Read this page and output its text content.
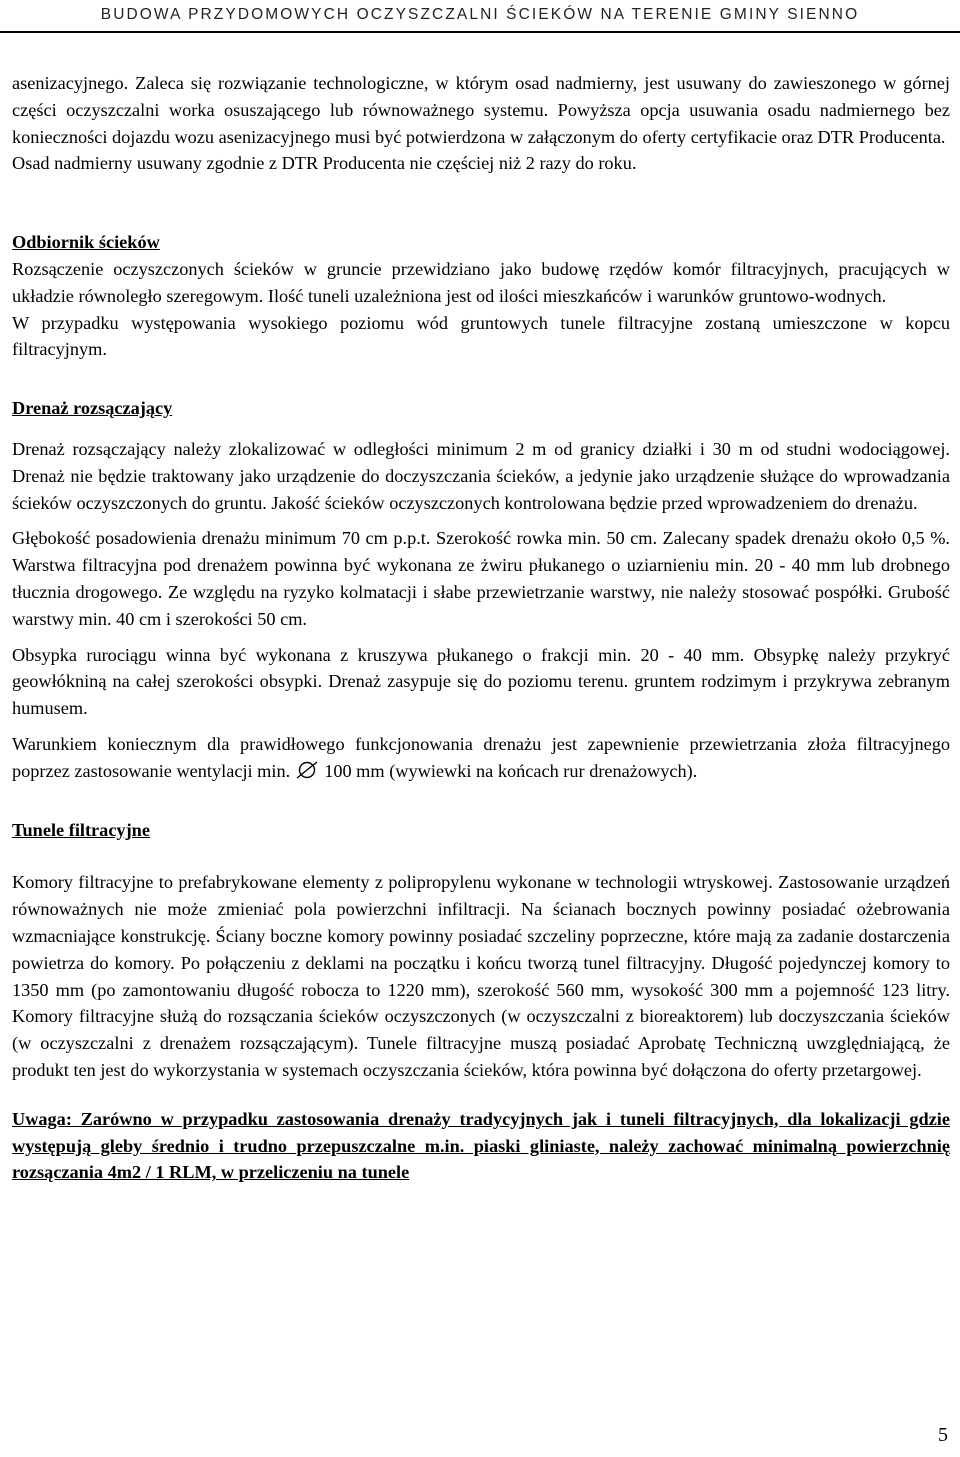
BUDOWA PRZYDOMOWYCH OCZYSZCZALNI ŚCIEKÓW NA TERENIE GMINY SIENNO

asenizacyjnego. Zaleca się rozwiązanie technologiczne, w którym osad nadmierny, jest usuwany do zawieszonego w górnej części oczyszczalni worka osuszającego lub równoważnego systemu. Powyższa opcja usuwania osadu nadmiernego bez konieczności dojazdu wozu asenizacyjnego musi być potwierdzona w załączonym do oferty certyfikacie oraz DTR Producenta.

Osad nadmierny usuwany zgodnie z DTR Producenta nie częściej niż 2 razy do roku.

Odbiornik ścieków

Rozsączenie oczyszczonych ścieków w gruncie przewidziano jako budowę rzędów komór filtracyjnych, pracujących w układzie równoległo szeregowym. Ilość tuneli uzależniona jest od ilości mieszkańców i warunków gruntowo-wodnych.

W przypadku występowania wysokiego poziomu wód gruntowych tunele filtracyjne zostaną umieszczone w kopcu filtracyjnym.

Drenaż rozsączający

Drenaż rozsączający należy zlokalizować w odległości minimum 2 m od granicy działki i 30 m od studni wodociągowej. Drenaż nie będzie traktowany jako urządzenie do doczyszczania ścieków, a jedynie jako urządzenie służące do wprowadzania ścieków oczyszczonych do gruntu. Jakość ścieków oczyszczonych kontrolowana będzie przed wprowadzeniem do drenażu.

Głębokość posadowienia drenażu minimum 70 cm p.p.t. Szerokość rowka min. 50 cm. Zalecany spadek drenażu około 0,5 %. Warstwa filtracyjna pod drenażem powinna być wykonana ze żwiru płukanego o uziarnieniu min. 20 - 40 mm lub drobnego tłucznia drogowego. Ze względu na ryzyko kolmatacji i słabe przewietrzanie warstwy, nie należy stosować pospółki. Grubość warstwy min. 40 cm i szerokości 50 cm.

Obsypka rurociągu winna być wykonana z kruszywa płukanego o frakcji min. 20 - 40 mm. Obsypkę należy przykryć geowłókniną na całej szerokości obsypki. Drenaż zasypuje się do poziomu terenu. gruntem rodzimym i przykrywa zebranym humusem.

Warunkiem koniecznym dla prawidłowego funkcjonowania drenażu jest zapewnienie przewietrzania złoża filtracyjnego poprzez zastosowanie wentylacji min. 100 mm (wywiewki na końcach rur drenażowych).

Tunele filtracyjne

Komory filtracyjne to prefabrykowane elementy z polipropylenu wykonane w technologii wtryskowej. Zastosowanie urządzeń równoważnych nie może zmieniać pola powierzchni infiltracji. Na ścianach bocznych powinny posiadać ożebrowania wzmacniające konstrukcję. Ściany boczne komory powinny posiadać szczeliny poprzeczne, które mają za zadanie dostarczenia powietrza do komory. Po połączeniu z deklami na początku i końcu tworzą tunel filtracyjny. Długość pojedynczej komory to 1350 mm (po zamontowaniu długość robocza to 1220 mm), szerokość 560 mm, wysokość 300 mm a pojemność 123 litry. Komory filtracyjne służą do rozsączania ścieków oczyszczonych (w oczyszczalni z bioreaktorem) lub doczyszczania ścieków (w oczyszczalni z drenażem rozsączającym). Tunele filtracyjne muszą posiadać Aprobatę Techniczną uwzględniającą, że produkt ten jest do wykorzystania w systemach oczyszczania ścieków, która powinna być dołączona do oferty przetargowej.

Uwaga: Zarówno w przypadku zastosowania drenaży tradycyjnych jak i tuneli filtracyjnych, dla lokalizacji gdzie występują gleby średnio i trudno przepuszczalne m.in. piaski gliniaste, należy zachować minimalną powierzchnię rozsączania 4m2 / 1 RLM, w przeliczeniu na tunele

5
